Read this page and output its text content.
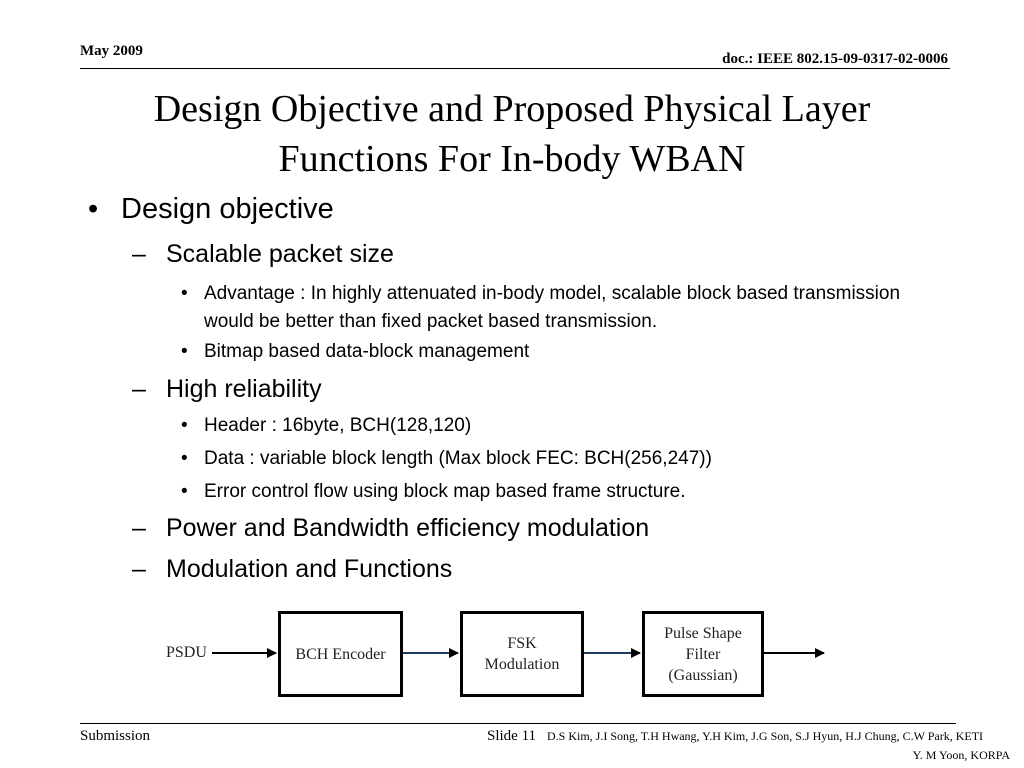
May 2009	doc.: IEEE 802.15-09-0317-02-0006
Design Objective and Proposed Physical Layer
Functions For In-body WBAN
• Design objective
– Scalable packet size
• Advantage : In highly attenuated in-body model, scalable block based transmission would be better than fixed packet based transmission.
• Bitmap based data-block management
– High reliability
• Header : 16byte, BCH(128,120)
• Data : variable block length (Max block FEC: BCH(256,247))
• Error control flow using block map based frame structure.
– Power and Bandwidth efficiency modulation
– Modulation and Functions
PSDU	BCH Encoder
FSK
Modulation
Pulse Shape
Filter
(Gaussian)
Submission	Slide 11 D.S Kim, J.I Song, T.H Hwang, Y.H Kim, J.G Son, S.J Hyun, H.J Chung, C.W Park, KETI
Y. M Yoon, KORPA
